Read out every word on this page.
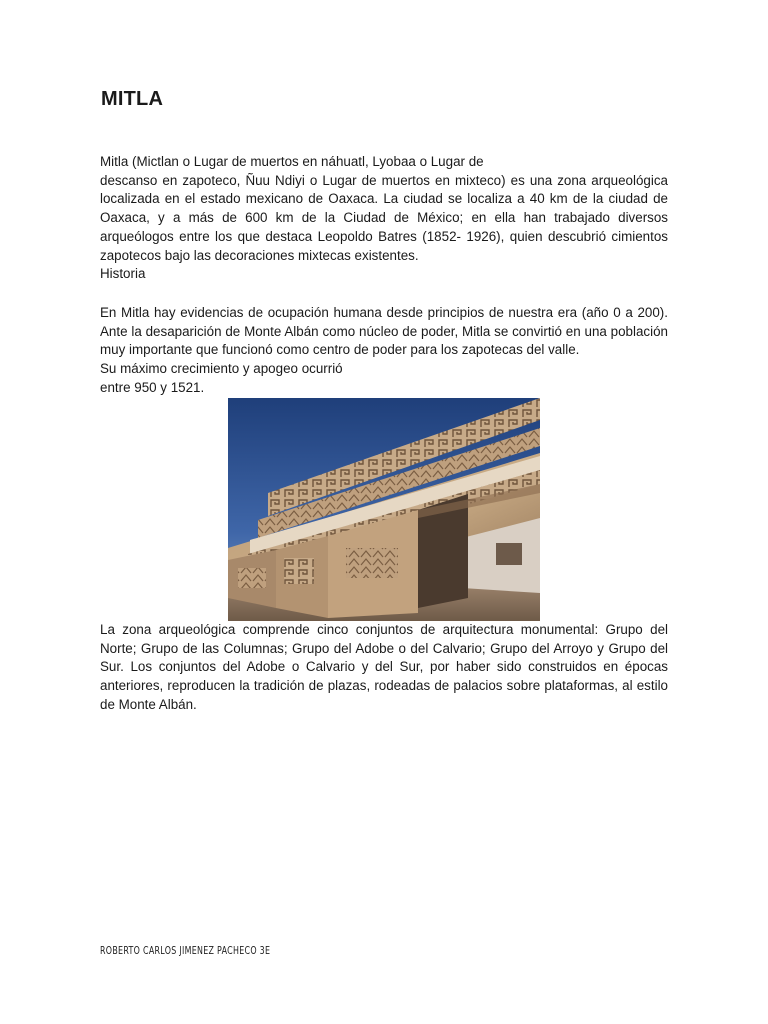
MITLA
Mitla (Mictlan o Lugar de muertos en náhuatl, Lyobaa o Lugar de

descanso en zapoteco, Ñuu Ndiyi o Lugar de muertos en mixteco) es una zona arqueológica localizada en el estado mexicano de Oaxaca. La ciudad se localiza a 40 km de la ciudad de Oaxaca, y a más de 600 km de la Ciudad de México; en ella han trabajado diversos arqueólogos entre los que destaca Leopoldo Batres (1852- 1926), quien descubrió cimientos zapotecos bajo las decoraciones mixtecas existentes.

Historia

En Mitla hay evidencias de ocupación humana desde principios de nuestra era (año 0 a 200). Ante la desaparición de Monte Albán como núcleo de poder, Mitla se convirtió en una población muy importante que funcionó como centro de poder para los zapotecas del valle.

Su máximo crecimiento y apogeo ocurrió
entre 950 y 1521.

La zona arqueológica comprende cinco conjuntos de arquitectura monumental: Grupo del Norte; Grupo de las Columnas; Grupo del Adobe o del Calvario; Grupo del Arroyo y Grupo del Sur. Los conjuntos del Adobe o Calvario y del Sur, por haber sido construidos en épocas anteriores, reproducen la tradición de plazas, rodeadas de palacios sobre plataformas, al estilo de Monte Albán.

ROBERTO CARLOS JIMENEZ PACHECO 3E
